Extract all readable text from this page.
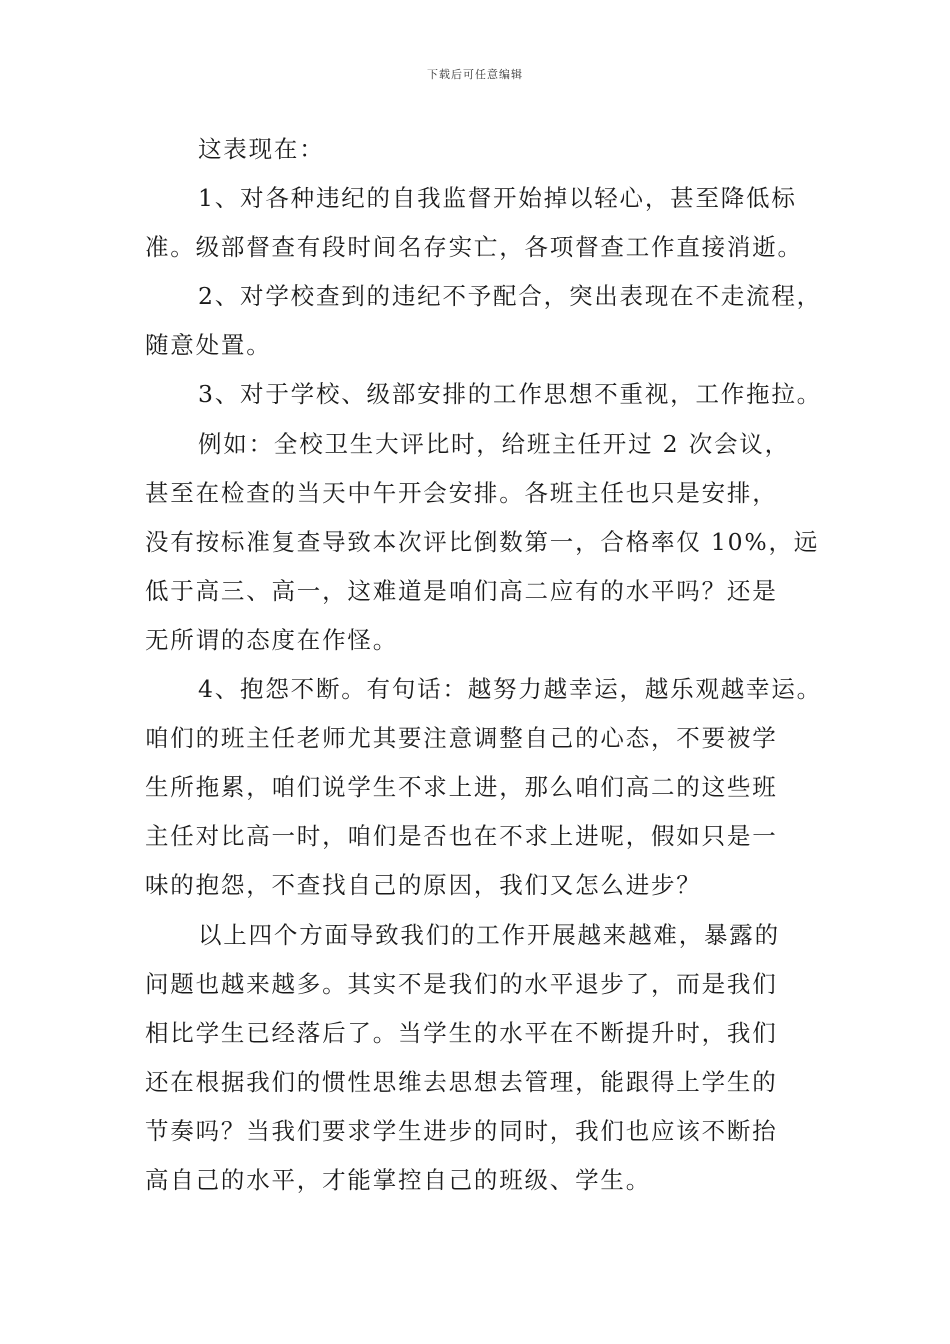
下载后可任意编辑
这表现在：
1、对各种违纪的自我监督开始掉以轻心，甚至降低标
准。级部督查有段时间名存实亡，各项督查工作直接消逝。
2、对学校查到的违纪不予配合，突出表现在不走流程，
随意处置。
3、对于学校、级部安排的工作思想不重视，工作拖拉。
例如：全校卫生大评比时，给班主任开过 2 次会议，
甚至在检查的当天中午开会安排。各班主任也只是安排，
没有按标准复查导致本次评比倒数第一，合格率仅 10%，远
低于高三、高一，这难道是咱们高二应有的水平吗？还是
无所谓的态度在作怪。
4、抱怨不断。有句话：越努力越幸运，越乐观越幸运。
咱们的班主任老师尤其要注意调整自己的心态，不要被学
生所拖累，咱们说学生不求上进，那么咱们高二的这些班
主任对比高一时，咱们是否也在不求上进呢，假如只是一
味的抱怨，不查找自己的原因，我们又怎么进步？
以上四个方面导致我们的工作开展越来越难，暴露的
问题也越来越多。其实不是我们的水平退步了，而是我们
相比学生已经落后了。当学生的水平在不断提升时，我们
还在根据我们的惯性思维去思想去管理，能跟得上学生的
节奏吗？当我们要求学生进步的同时，我们也应该不断抬
高自己的水平，才能掌控自己的班级、学生。
